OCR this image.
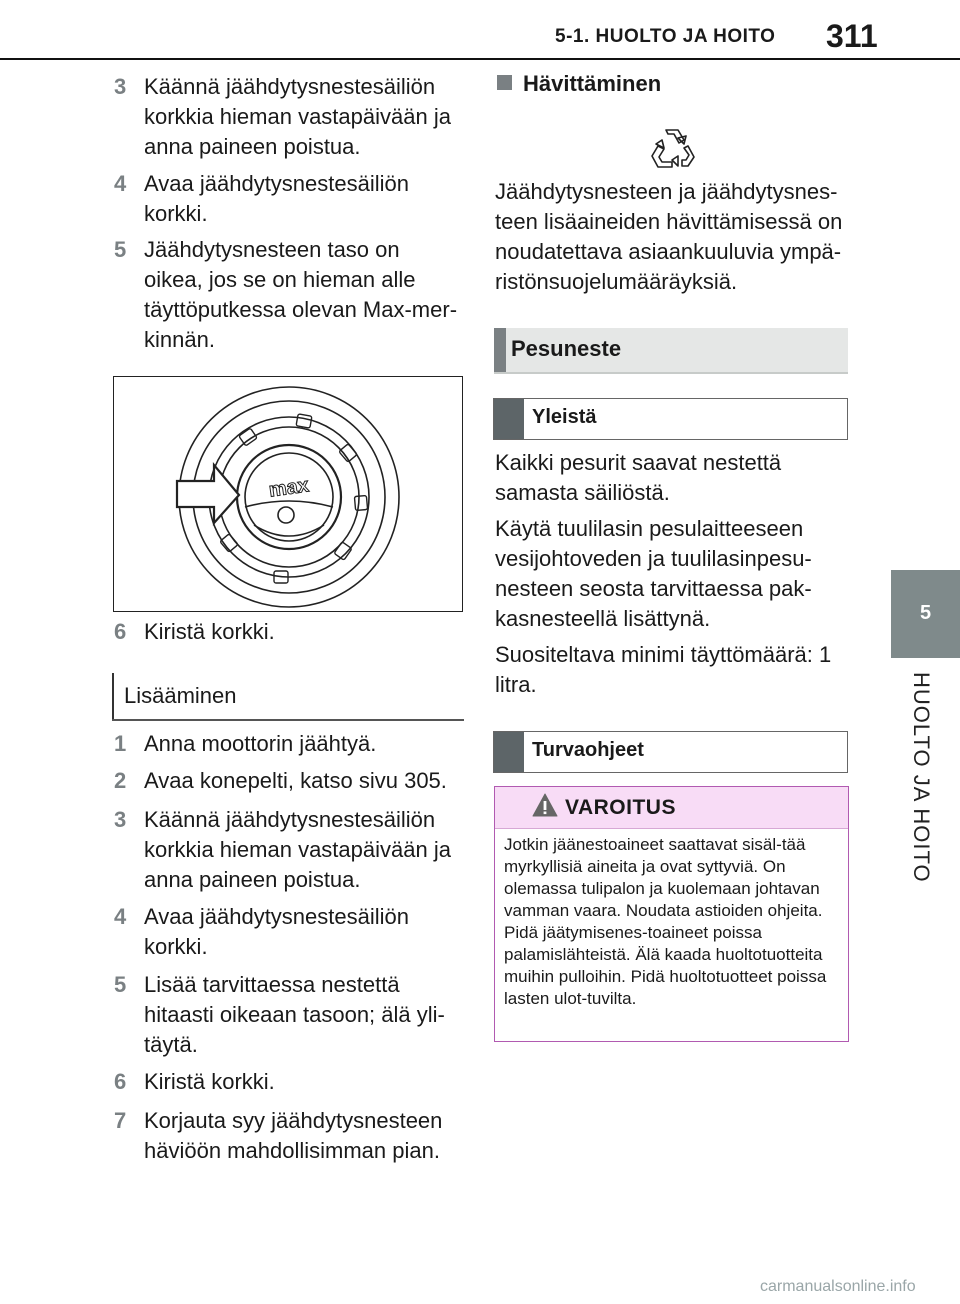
5-1. HUOLTO JA HOITO 311
5
HUOLTO JA HOITO
3 Käännä jäähdytysnestesäiliön korkkia hieman vastapäivään ja anna paineen poistua.
4 Avaa jäähdytysnestesäiliön korkki.
5 Jäähdytysnesteen taso on oikea, jos se on hieman alle täyttöputkessa olevan Max-mer-kinnän.
max
6 Kiristä korkki.
Lisääminen
1 Anna moottorin jäähtyä.
2 Avaa konepelti, katso sivu 305.
3 Käännä jäähdytysnestesäiliön korkkia hieman vastapäivään ja anna paineen poistua.
4 Avaa jäähdytysnestesäiliön korkki.
5 Lisää tarvittaessa nestettä hitaasti oikeaan tasoon; älä yli-täytä.
6 Kiristä korkki.
7 Korjauta syy jäähdytysnesteen häviöön mahdollisimman pian.
Hävittäminen
Jäähdytysnesteen ja jäähdytysnes-teen lisäaineiden hävittämisessä on noudatettava asiaankuuluvia ympä-ristönsuojelumääräyksiä.
Pesuneste
Yleistä
Kaikki pesurit saavat nestettä samasta säiliöstä.
Käytä tuulilasin pesulaitteeseen vesijohtoveden ja tuulilasinpesu-nesteen seosta tarvittaessa pak-kasnesteellä lisättynä.
Suositeltava minimi täyttömäärä: 1 litra.
Turvaohjeet
VAROITUS
Jotkin jäänestoaineet saattavat sisäl-tää myrkyllisiä aineita ja ovat syttyviä. On olemassa tulipalon ja kuolemaan johtavan vamman vaara. Noudata astioiden ohjeita. Pidä jäätymisenes-toaineet poissa palamislähteistä. Älä kaada huoltotuotteita muihin pulloihin. Pidä huoltotuotteet poissa lasten ulot-tuvilta.
carmanualsonline.info
